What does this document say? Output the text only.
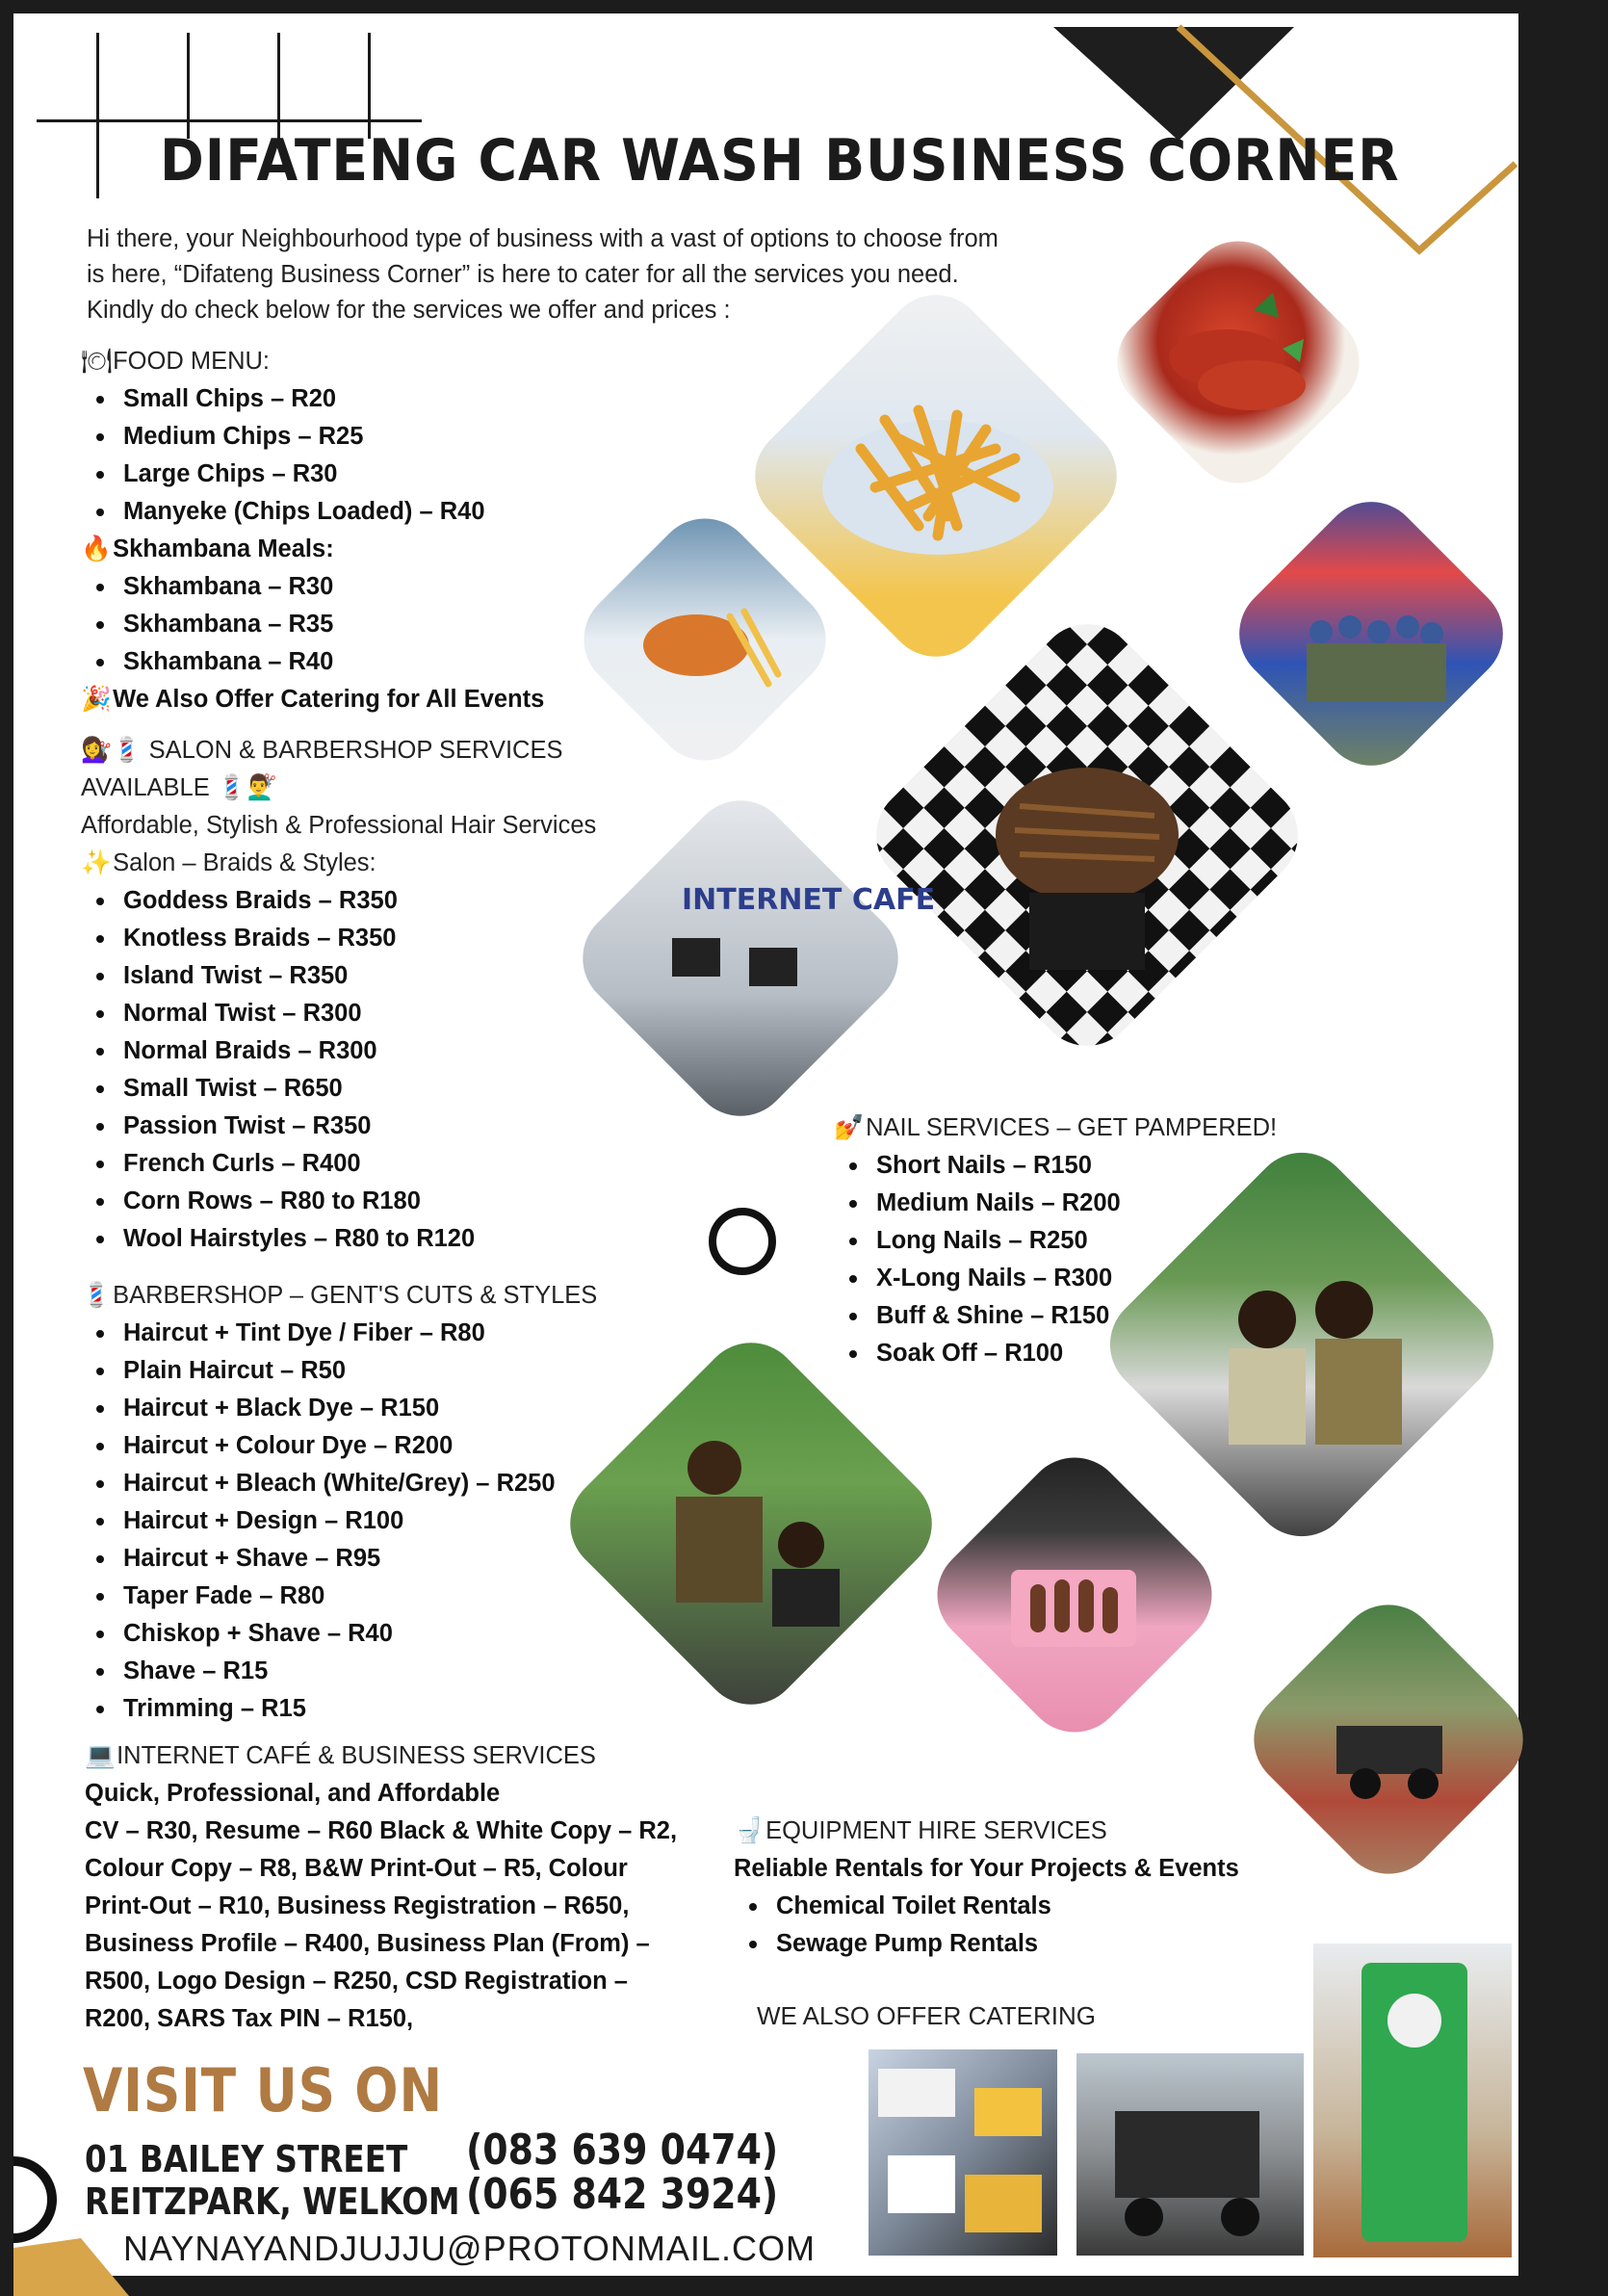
DIFATENG CAR WASH BUSINESS CORNER
Hi there, your Neighbourhood type of business with a vast of options to choose from is here, “Difateng Business Corner” is here to cater for all the services you need. Kindly do check below for the services we offer and prices :
🍽 FOOD MENU:
Small Chips – R20
Medium Chips – R25
Large Chips – R30
Manyeke (Chips Loaded) – R40
🔥 Skhambana Meals:
Skhambana – R30
Skhambana – R35
Skhambana – R40
🎉 We Also Offer Catering for All Events
💇‍♀️💈 SALON & BARBERSHOP SERVICES
AVAILABLE 💈💇‍♂️
Affordable, Stylish & Professional Hair Services
✨ Salon – Braids & Styles:
Goddess Braids – R350
Knotless Braids – R350
Island Twist – R350
Normal Twist – R300
Normal Braids – R300
Small Twist – R650
Passion Twist – R350
French Curls – R400
Corn Rows – R80 to R180
Wool Hairstyles – R80 to R120
💈 BARBERSHOP – GENT'S CUTS & STYLES
Haircut + Tint Dye / Fiber – R80
Plain Haircut – R50
Haircut + Black Dye – R150
Haircut + Colour Dye – R200
Haircut + Bleach (White/Grey) – R250
Haircut + Design – R100
Haircut + Shave – R95
Taper Fade – R80
Chiskop + Shave – R40
Shave – R15
Trimming – R15
💅 NAIL SERVICES – GET PAMPERED!
Short Nails – R150
Medium Nails – R200
Long Nails – R250
X-Long Nails – R300
Buff & Shine – R150
Soak Off – R100
💻 INTERNET CAFÉ & BUSINESS SERVICES
Quick, Professional, and Affordable
CV – R30, Resume – R60 Black & White Copy – R2,
Colour Copy – R8, B&W Print-Out – R5, Colour
Print-Out – R10, Business Registration – R650,
Business Profile – R400, Business Plan (From) –
R500, Logo Design – R250, CSD Registration –
R200, SARS Tax PIN – R150,
🚽 EQUIPMENT HIRE SERVICES
Reliable Rentals for Your Projects & Events
Chemical Toilet Rentals
Sewage Pump Rentals
WE ALSO OFFER CATERING
INTERNET CAFE
VISIT US ON
01 BAILEY STREET
REITZPARK, WELKOM
(083 639 0474)
(065 842 3924)
NAYNAYANDJUJJU@PROTONMAIL.COM
